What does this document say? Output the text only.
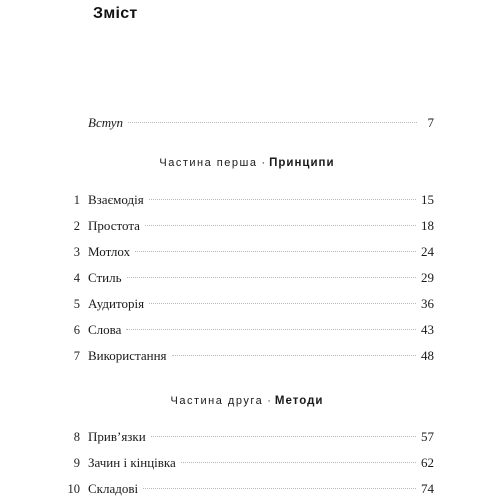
Зміст
Вступ	7
Частина перша · Принципи
1 Взаємодія	15
2 Простота	18
3 Мотлох	24
4 Стиль	29
5 Аудиторія	36
6 Слова	43
7 Використання	48
Частина друга · Методи
8 Прив’язки	57
9 Зачин і кінцівка	62
10 Складові	74
